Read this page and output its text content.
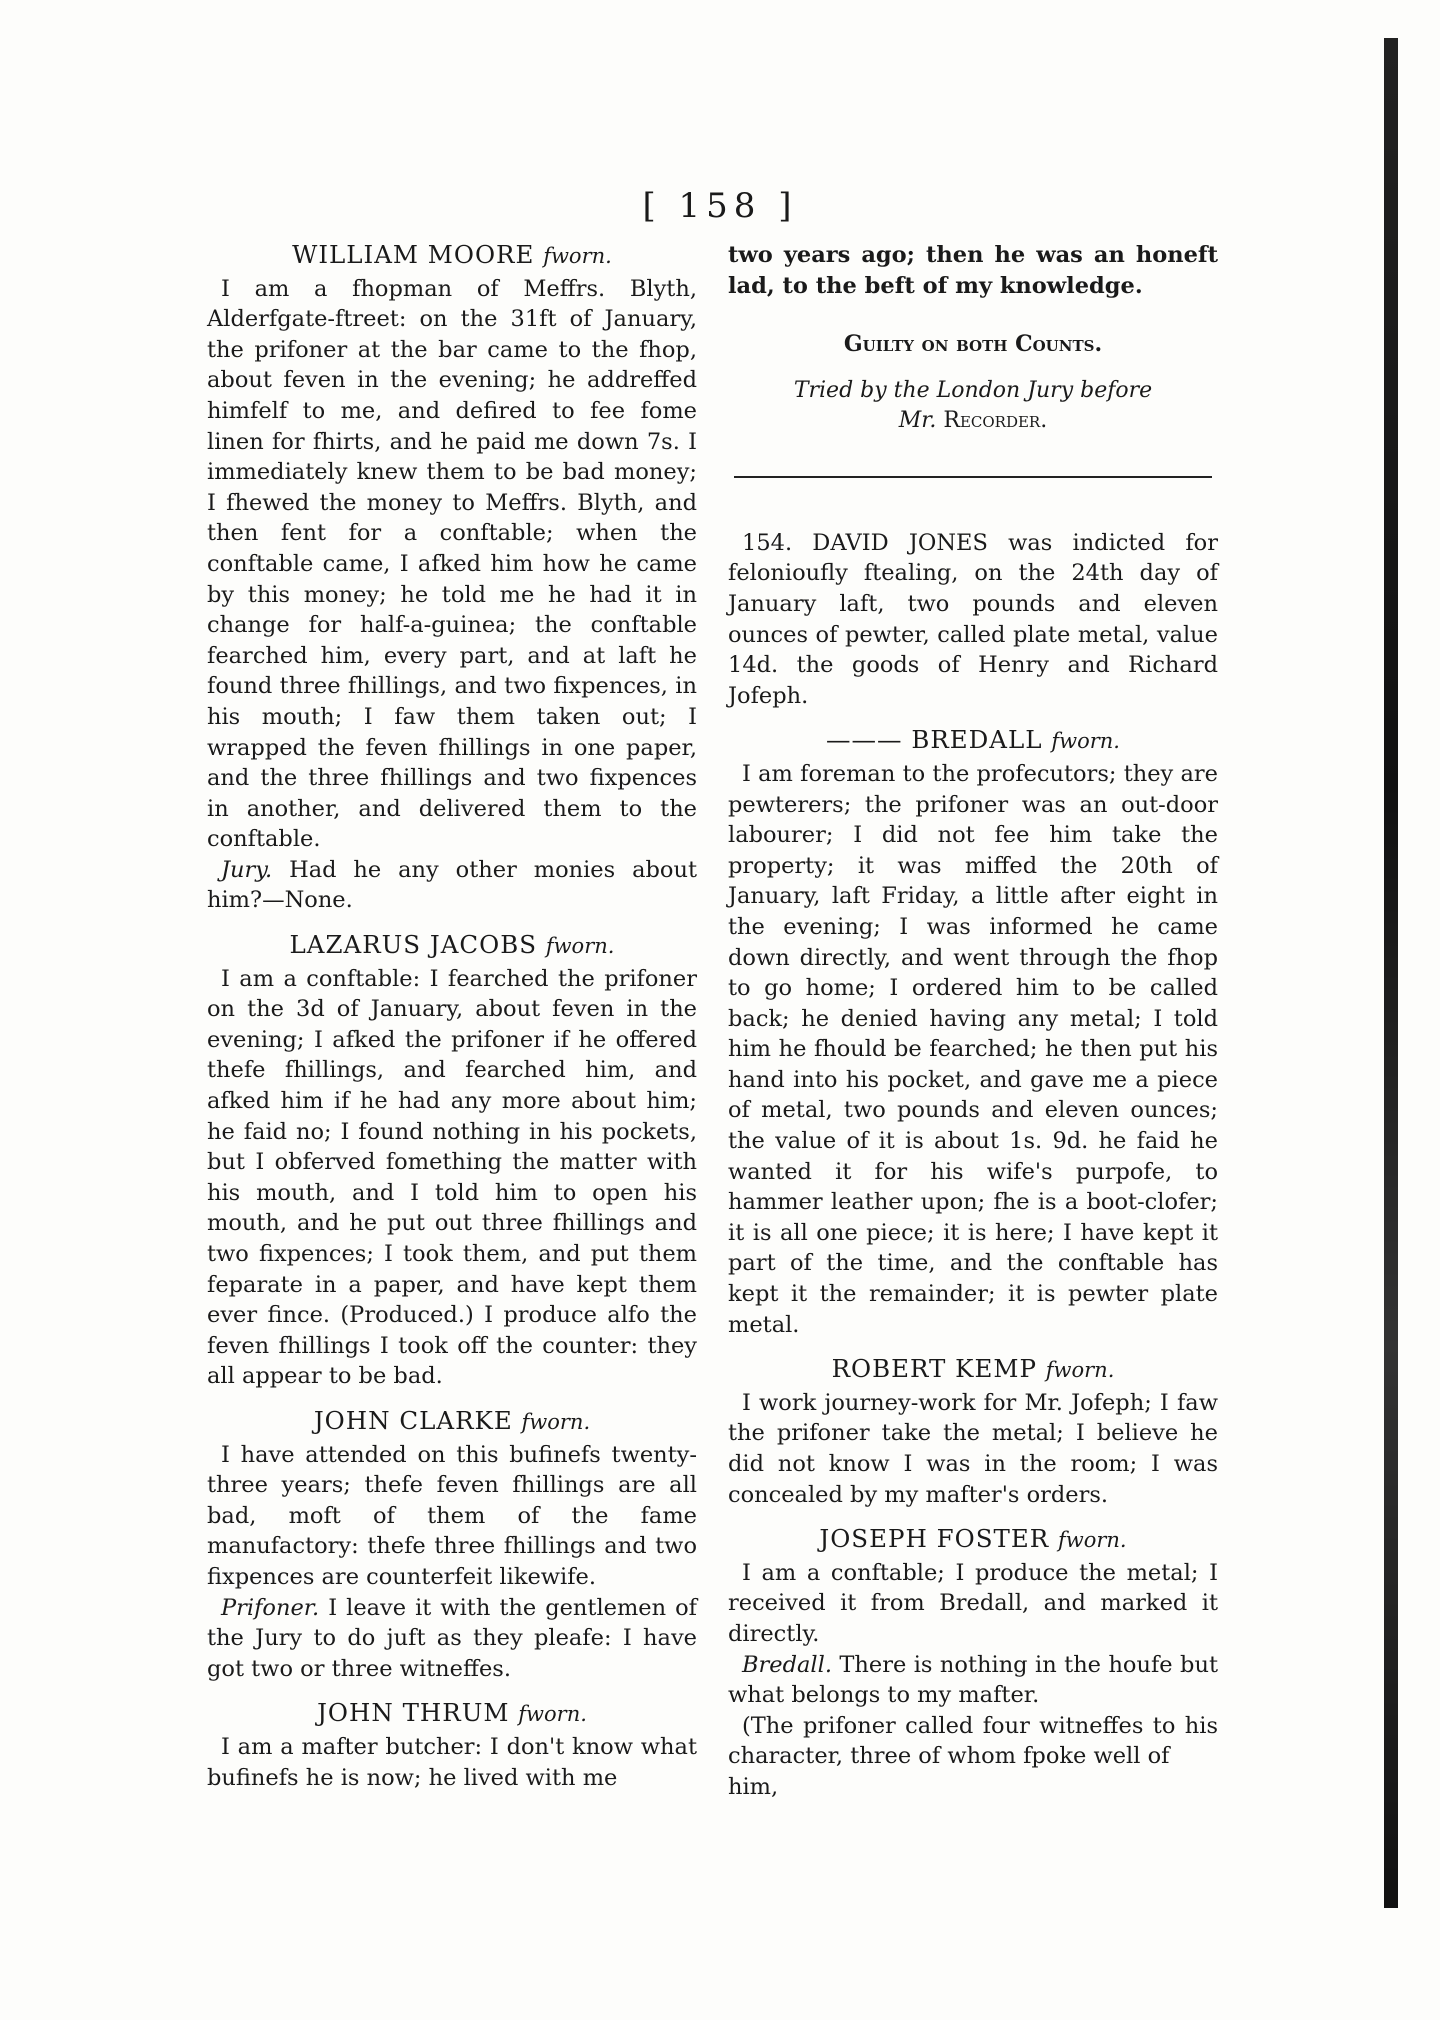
[ 158 ]
WILLIAM MOORE fworn.

I am a fhopman of Meffrs. Blyth, Alderfgate-ftreet: on the 31ft of January, the prifoner at the bar came to the fhop, about feven in the evening; he addreffed himfelf to me, and defired to fee fome linen for fhirts, and he paid me down 7s. I immediately knew them to be bad money; I fhewed the money to Meffrs. Blyth, and then fent for a conftable; when the conftable came, I afked him how he came by this money; he told me he had it in change for half-a-guinea; the conftable fearched him, every part, and at laft he found three fhillings, and two fixpences, in his mouth; I faw them taken out; I wrapped the feven fhillings in one paper, and the three fhillings and two fixpences in another, and delivered them to the conftable.

Jury. Had he any other monies about him?—None.

LAZARUS JACOBS fworn.

I am a conftable: I fearched the prifoner on the 3d of January, about feven in the evening; I afked the prifoner if he offered thefe fhillings, and fearched him, and afked him if he had any more about him; he faid no; I found nothing in his pockets, but I obferved fomething the matter with his mouth, and I told him to open his mouth, and he put out three fhillings and two fixpences; I took them, and put them feparate in a paper, and have kept them ever fince. (Produced.) I produce alfo the feven fhillings I took off the counter: they all appear to be bad.

JOHN CLARKE fworn.

I have attended on this bufinefs twenty-three years; thefe feven fhillings are all bad, moft of them of the fame manufactory: thefe three fhillings and two fixpences are counterfeit likewife.

Prifoner. I leave it with the gentlemen of the Jury to do juft as they pleafe: I have got two or three witneffes.

JOHN THRUM fworn.

I am a mafter butcher: I don't know what bufinefs he is now; he lived with me

two years ago; then he was an honeft lad, to the beft of my knowledge.

Guilty on both Counts.
Tried by the London Jury before
Mr. Recorder.

154. DAVID JONES was indicted for felonioufly ftealing, on the 24th day of January laft, two pounds and eleven ounces of pewter, called plate metal, value 14d. the goods of Henry and Richard Jofeph.

——— BREDALL fworn.

I am foreman to the profecutors; they are pewterers; the prifoner was an out-door labourer; I did not fee him take the property; it was miffed the 20th of January, laft Friday, a little after eight in the evening; I was informed he came down directly, and went through the fhop to go home; I ordered him to be called back; he denied having any metal; I told him he fhould be fearched; he then put his hand into his pocket, and gave me a piece of metal, two pounds and eleven ounces; the value of it is about 1s. 9d. he faid he wanted it for his wife's purpofe, to hammer leather upon; fhe is a boot-clofer; it is all one piece; it is here; I have kept it part of the time, and the conftable has kept it the remainder; it is pewter plate metal.

ROBERT KEMP fworn.

I work journey-work for Mr. Jofeph; I faw the prifoner take the metal; I believe he did not know I was in the room; I was concealed by my mafter's orders.

JOSEPH FOSTER fworn.

I am a conftable; I produce the metal; I received it from Bredall, and marked it directly.

Bredall. There is nothing in the houfe but what belongs to my mafter.

(The prifoner called four witneffes to his character, three of whom fpoke well of

him,
